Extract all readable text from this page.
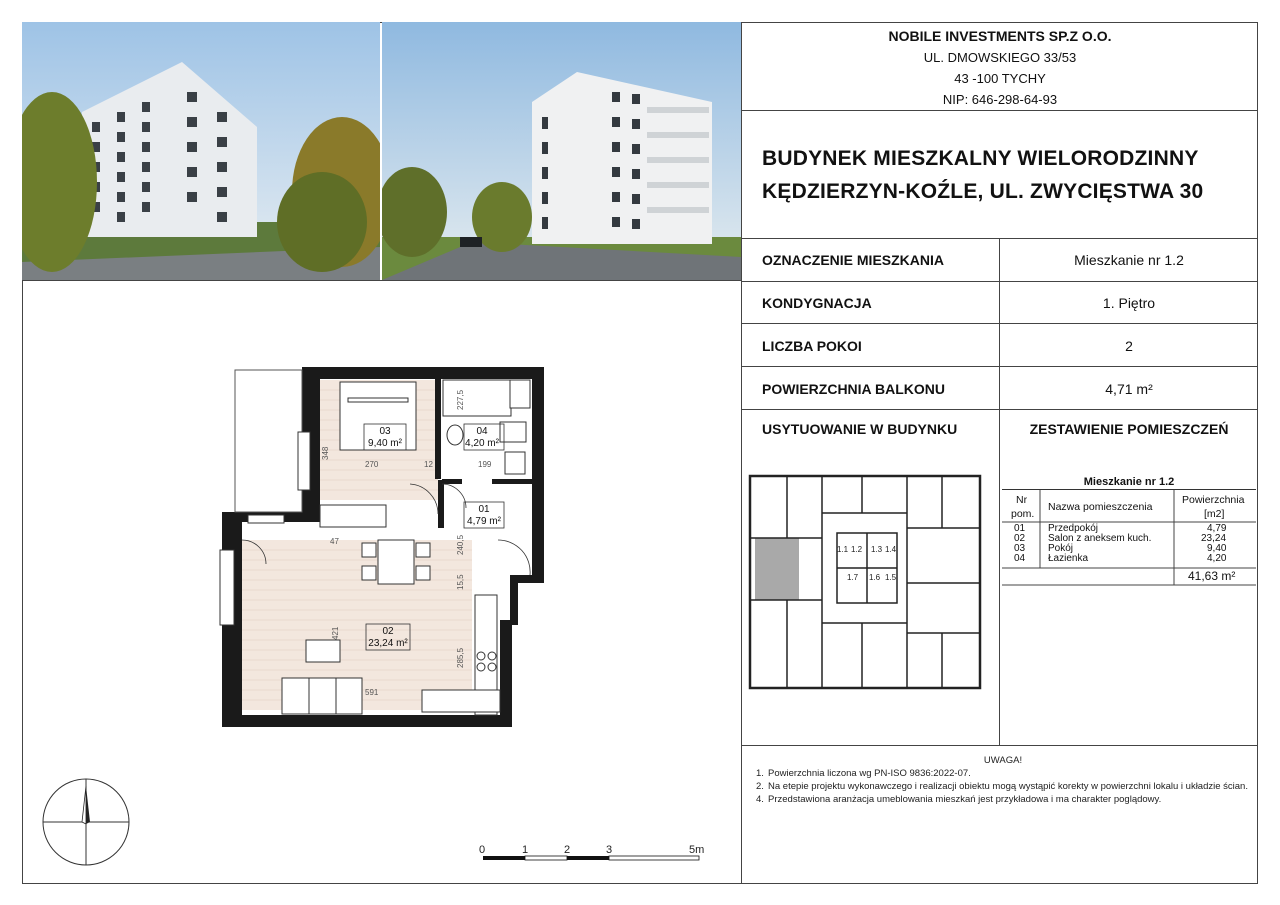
NOBILE INVESTMENTS SP.Z O.O.
UL. DMOWSKIEGO 33/53
43 -100 TYCHY
NIP: 646-298-64-93
BUDYNEK MIESZKALNY WIELORODZINNY
KĘDZIERZYN-KOŹLE, UL. ZWYCIĘSTWA 30
OZNACZENIE MIESZKANIA	Mieszkanie nr 1.2
KONDYGNACJA	1. Piętro
LICZBA POKOI	2
POWIERZCHNIA BALKONU	4,71 m²
USYTUOWANIE W BUDYNKU	ZESTAWIENIE POMIESZCZEŃ
Mieszkanie nr 1.2
Nr
pom.
Nazwa pomieszczenia
Powierzchnia
[m2]
01 Przedpokój	4,79
02 Salon z aneksem kuch.	23,24
03 Pokój	9,40
04 Łazienka	4,20
41,63 m²
1.1 1.2 1.3 1.4
1.7 1.6 1.5
03
9,40 m²
04
4,20 m²
01
4,79 m²
02
23,24 m²
348
270	12	199
227,5
240,5
15,5
421
285,5
591
47
0	1	2	3	5m
UWAGA!
1. Powierzchnia liczona wg PN-ISO 9836:2022-07.
2. Na etepie projektu wykonawczego i realizacji obiektu mogą wystąpić korekty w powierzchni lokalu i układzie ścian.
4. Przedstawiona aranżacja umeblowania mieszkań jest przykładowa i ma charakter poglądowy.
